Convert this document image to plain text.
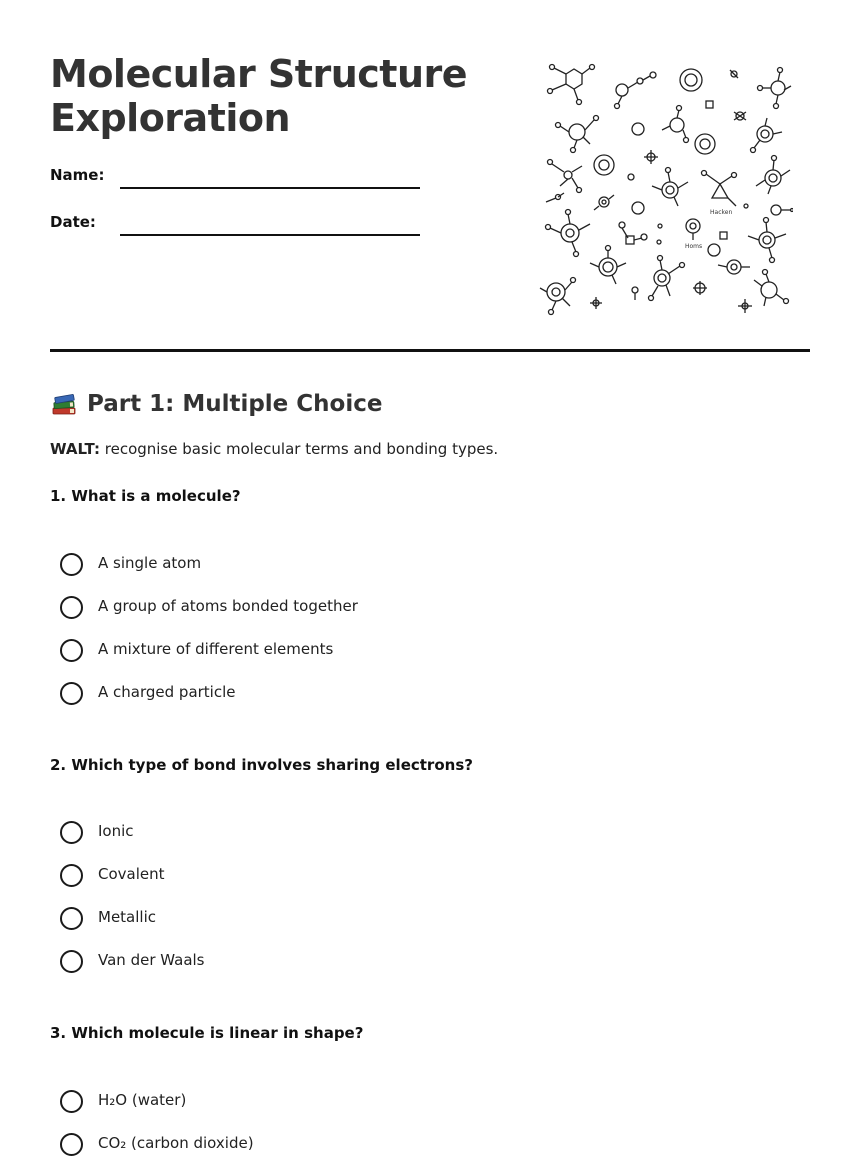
Molecular Structure Exploration
Name:
Date:
Hacken
Homs
Part 1: Multiple Choice
WALT: recognise basic molecular terms and bonding types.
1. What is a molecule?
A single atom
A group of atoms bonded together
A mixture of different elements
A charged particle
2. Which type of bond involves sharing electrons?
Ionic
Covalent
Metallic
Van der Waals
3. Which molecule is linear in shape?
H₂O (water)
CO₂ (carbon dioxide)
